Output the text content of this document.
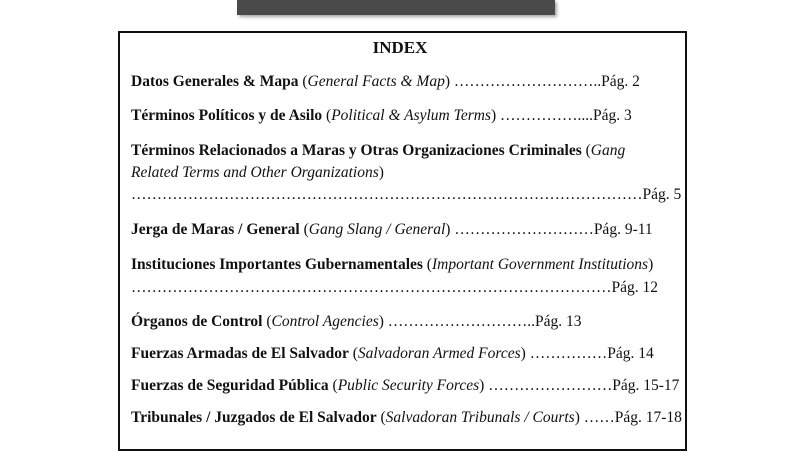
INDEX
Datos Generales & Mapa (General Facts & Map) ………………………..Pág. 2
Términos Políticos y de Asilo (Political & Asylum Terms) ……………....Pág. 3
Términos Relacionados a Maras y Otras Organizaciones Criminales (Gang
Related Terms and Other Organizations)
………………………………………………………………………………………Pág. 5
Jerga de Maras / General (Gang Slang / General) ………………………Pág. 9-11
Instituciones Importantes Gubernamentales (Important Government Institutions)
…………………………………………………………………………………Pág. 12
Órganos de Control (Control Agencies) ………………………..Pág. 13
Fuerzas Armadas de El Salvador (Salvadoran Armed Forces) ……………Pág. 14
Fuerzas de Seguridad Pública (Public Security Forces) ……………………Pág. 15-17
Tribunales / Juzgados de El Salvador (Salvadoran Tribunals / Courts) ……Pág. 17-18
